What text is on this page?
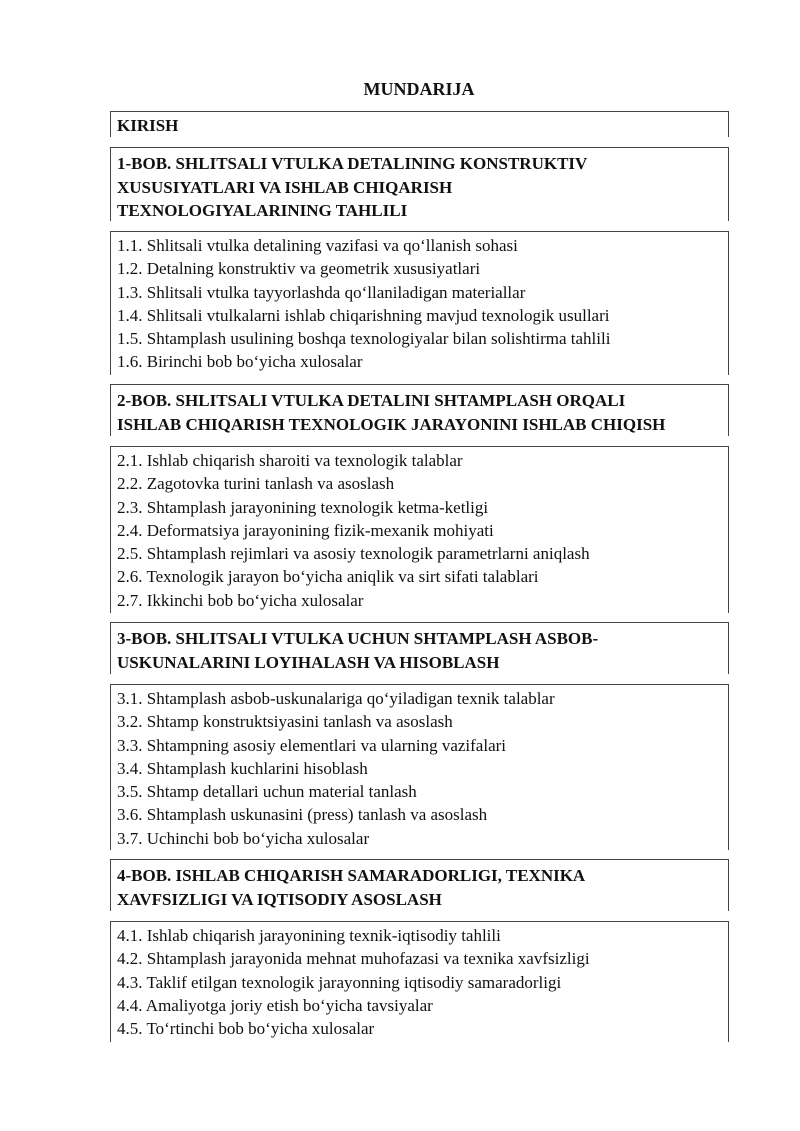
MUNDARIJA
KIRISH
1-BOB. SHLITSALI VTULKA DETALINING KONSTRUKTIV
XUSUSIYATLARI VA ISHLAB CHIQARISH
TEXNOLOGIYALARINING TAHLILI
1.1. Shlitsali vtulka detalining vazifasi va qo‘llanish sohasi
1.2. Detalning konstruktiv va geometrik xususiyatlari
1.3. Shlitsali vtulka tayyorlashda qo‘llaniladigan materiallar
1.4. Shlitsali vtulkalarni ishlab chiqarishning mavjud texnologik usullari
1.5. Shtamplash usulining boshqa texnologiyalar bilan solishtirma tahlili
1.6. Birinchi bob bo‘yicha xulosalar
2-BOB. SHLITSALI VTULKA DETALINI SHTAMPLASH ORQALI
ISHLAB CHIQARISH TEXNOLOGIK JARAYONINI ISHLAB CHIQISH
2.1. Ishlab chiqarish sharoiti va texnologik talablar
2.2. Zagotovka turini tanlash va asoslash
2.3. Shtamplash jarayonining texnologik ketma-ketligi
2.4. Deformatsiya jarayonining fizik-mexanik mohiyati
2.5. Shtamplash rejimlari va asosiy texnologik parametrlarni aniqlash
2.6. Texnologik jarayon bo‘yicha aniqlik va sirt sifati talablari
2.7. Ikkinchi bob bo‘yicha xulosalar
3-BOB. SHLITSALI VTULKA UCHUN SHTAMPLASH ASBOB-
USKUNALARINI LOYIHALASH VA HISOBLASH
3.1. Shtamplash asbob-uskunalariga qo‘yiladigan texnik talablar
3.2. Shtamp konstruktsiyasini tanlash va asoslash
3.3. Shtampning asosiy elementlari va ularning vazifalari
3.4. Shtamplash kuchlarini hisoblash
3.5. Shtamp detallari uchun material tanlash
3.6. Shtamplash uskunasini (press) tanlash va asoslash
3.7. Uchinchi bob bo‘yicha xulosalar
4-BOB. ISHLAB CHIQARISH SAMARADORLIGI, TEXNIKA
XAVFSIZLIGI VA IQTISODIY ASOSLASH
4.1. Ishlab chiqarish jarayonining texnik-iqtisodiy tahlili
4.2. Shtamplash jarayonida mehnat muhofazasi va texnika xavfsizligi
4.3. Taklif etilgan texnologik jarayonning iqtisodiy samaradorligi
4.4. Amaliyotga joriy etish bo‘yicha tavsiyalar
4.5. To‘rtinchi bob bo‘yicha xulosalar
